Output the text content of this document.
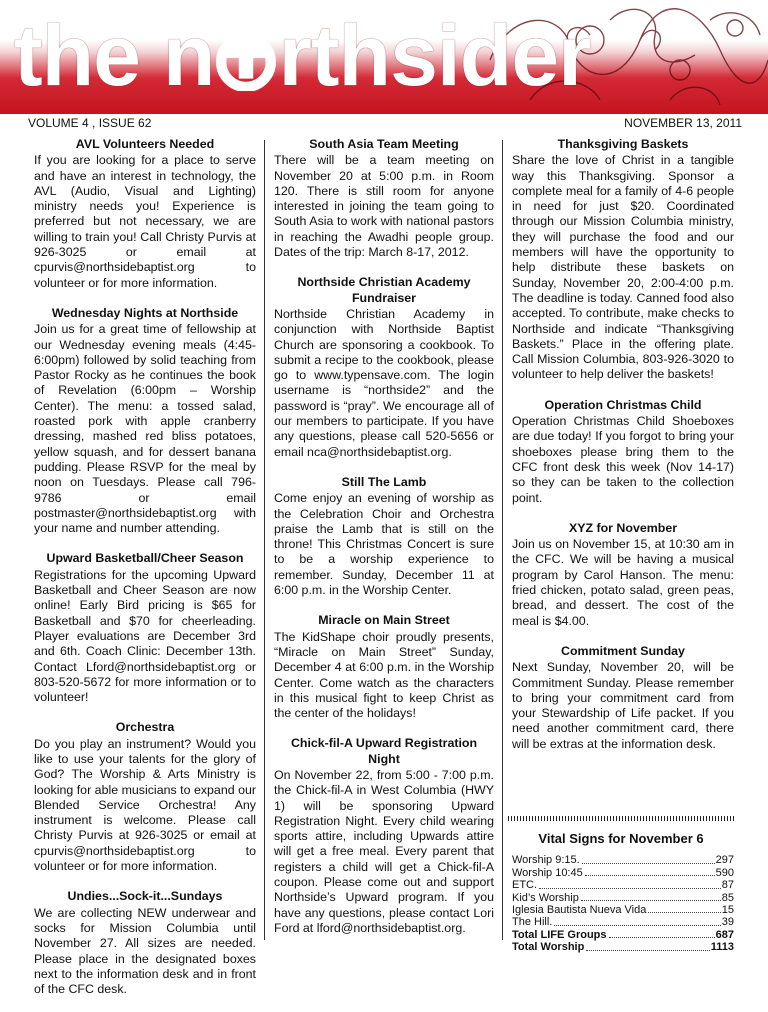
the n rthsider
VOLUME 4 , ISSUE 62	NOVEMBER 13, 2011
AVL Volunteers Needed

If you are looking for a place to serve and have an interest in technology, the AVL (Audio, Visual and Lighting) ministry needs you! Experience is preferred but not necessary, we are willing to train you! Call Christy Purvis at 926-3025 or email at cpurvis@northsidebaptist.org to volunteer or for more information.

Wednesday Nights at Northside

Join us for a great time of fellowship at our Wednesday evening meals (4:45-6:00pm) followed by solid teaching from Pastor Rocky as he continues the book of Revelation (6:00pm – Worship Center). The menu: a tossed salad, roasted pork with apple cranberry dressing, mashed red bliss potatoes, yellow squash, and for dessert banana pudding. Please RSVP for the meal by noon on Tuesdays. Please call 796-9786 or email postmaster@northsidebaptist.org with your name and number attending.

Upward Basketball/Cheer Season

Registrations for the upcoming Upward Basketball and Cheer Season are now online! Early Bird pricing is $65 for Basketball and $70 for cheerleading. Player evaluations are December 3rd and 6th. Coach Clinic: December 13th. Contact Lford@northsidebaptist.org or 803-520-5672 for more information or to volunteer!

Orchestra

Do you play an instrument? Would you like to use your talents for the glory of God? The Worship & Arts Ministry is looking for able musicians to expand our Blended Service Orchestra! Any instrument is welcome. Please call Christy Purvis at 926-3025 or email at cpurvis@northsidebaptist.org to volunteer or for more information.

Undies...Sock-it...Sundays

We are collecting NEW underwear and socks for Mission Columbia until November 27. All sizes are needed. Please place in the designated boxes next to the information desk and in front of the CFC desk.

South Asia Team Meeting

There will be a team meeting on November 20 at 5:00 p.m. in Room 120. There is still room for anyone interested in joining the team going to South Asia to work with national pastors in reaching the Awadhi people group. Dates of the trip: March 8-17, 2012.

Northside Christian Academy Fundraiser

Northside Christian Academy in conjunction with Northside Baptist Church are sponsoring a cookbook. To submit a recipe to the cookbook, please go to www.typensave.com. The login username is “northside2” and the password is “pray”. We encourage all of our members to participate. If you have any questions, please call 520-5656 or email nca@northsidebaptist.org.

Still The Lamb

Come enjoy an evening of worship as the Celebration Choir and Orchestra praise the Lamb that is still on the throne! This Christmas Concert is sure to be a worship experience to remember. Sunday, December 11 at 6:00 p.m. in the Worship Center.

Miracle on Main Street

The KidShape choir proudly presents, “Miracle on Main Street” Sunday, December 4 at 6:00 p.m. in the Worship Center. Come watch as the characters in this musical fight to keep Christ as the center of the holidays!

Chick-fil-A Upward Registration Night

On November 22, from 5:00 - 7:00 p.m. the Chick-fil-A in West Columbia (HWY 1) will be sponsoring Upward Registration Night. Every child wearing sports attire, including Upwards attire will get a free meal. Every parent that registers a child will get a Chick-fil-A coupon. Please come out and support Northside’s Upward program. If you have any questions, please contact Lori Ford at lford@northsidebaptist.org.

Thanksgiving Baskets

Share the love of Christ in a tangible way this Thanksgiving. Sponsor a complete meal for a family of 4-6 people in need for just $20. Coordinated through our Mission Columbia ministry, they will purchase the food and our members will have the opportunity to help distribute these baskets on Sunday, November 20, 2:00-4:00 p.m. The deadline is today. Canned food also accepted. To contribute, make checks to Northside and indicate “Thanksgiving Baskets.” Place in the offering plate. Call Mission Columbia, 803-926-3020 to volunteer to help deliver the baskets!

Operation Christmas Child

Operation Christmas Child Shoeboxes are due today! If you forgot to bring your shoeboxes please bring them to the CFC front desk this week (Nov 14-17) so they can be taken to the collection point.

XYZ for November

Join us on November 15, at 10:30 am in the CFC. We will be having a musical program by Carol Hanson. The menu: fried chicken, potato salad, green peas, bread, and dessert. The cost of the meal is $4.00.

Commitment Sunday

Next Sunday, November 20, will be Commitment Sunday. Please remember to bring your commitment card from your Stewardship of Life packet. If you need another commitment card, there will be extras at the information desk.

Vital Signs for November 6
Worship 9:15.	297
Worship 10:45	590
ETC.	87
Kid’s Worship	85
Iglesia Bautista Nueva Vida	15
The Hill.	39
Total LIFE Groups	687
Total Worship	1113
